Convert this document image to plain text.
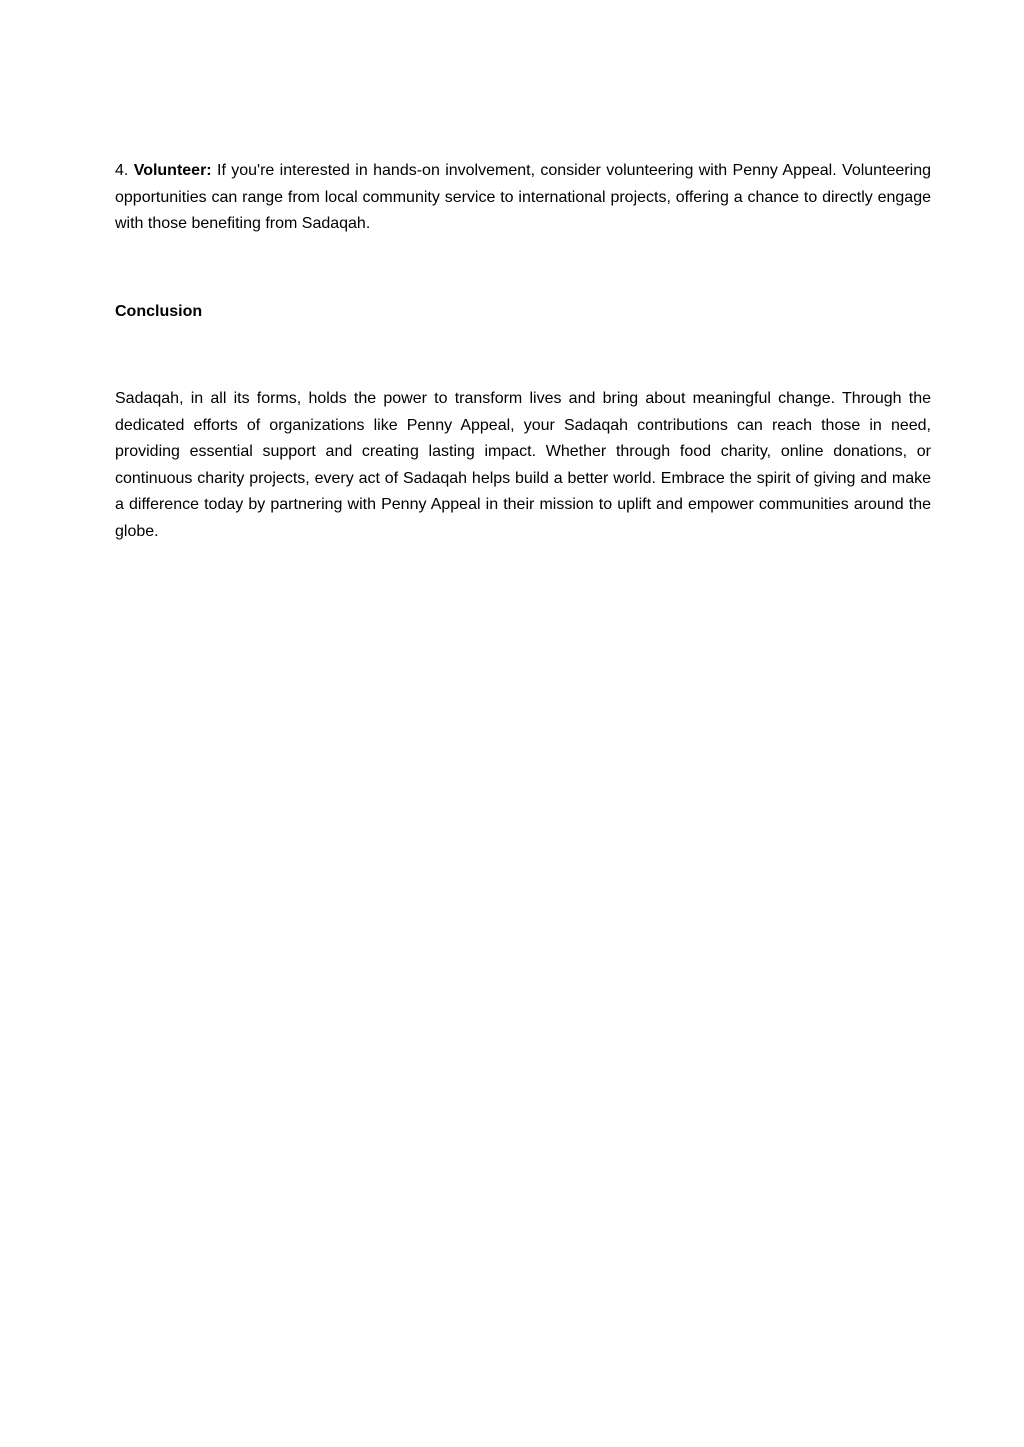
4. Volunteer: If you're interested in hands-on involvement, consider volunteering with Penny Appeal. Volunteering opportunities can range from local community service to international projects, offering a chance to directly engage with those benefiting from Sadaqah.

Conclusion

Sadaqah, in all its forms, holds the power to transform lives and bring about meaningful change. Through the dedicated efforts of organizations like Penny Appeal, your Sadaqah contributions can reach those in need, providing essential support and creating lasting impact. Whether through food charity, online donations, or continuous charity projects, every act of Sadaqah helps build a better world. Embrace the spirit of giving and make a difference today by partnering with Penny Appeal in their mission to uplift and empower communities around the globe.
